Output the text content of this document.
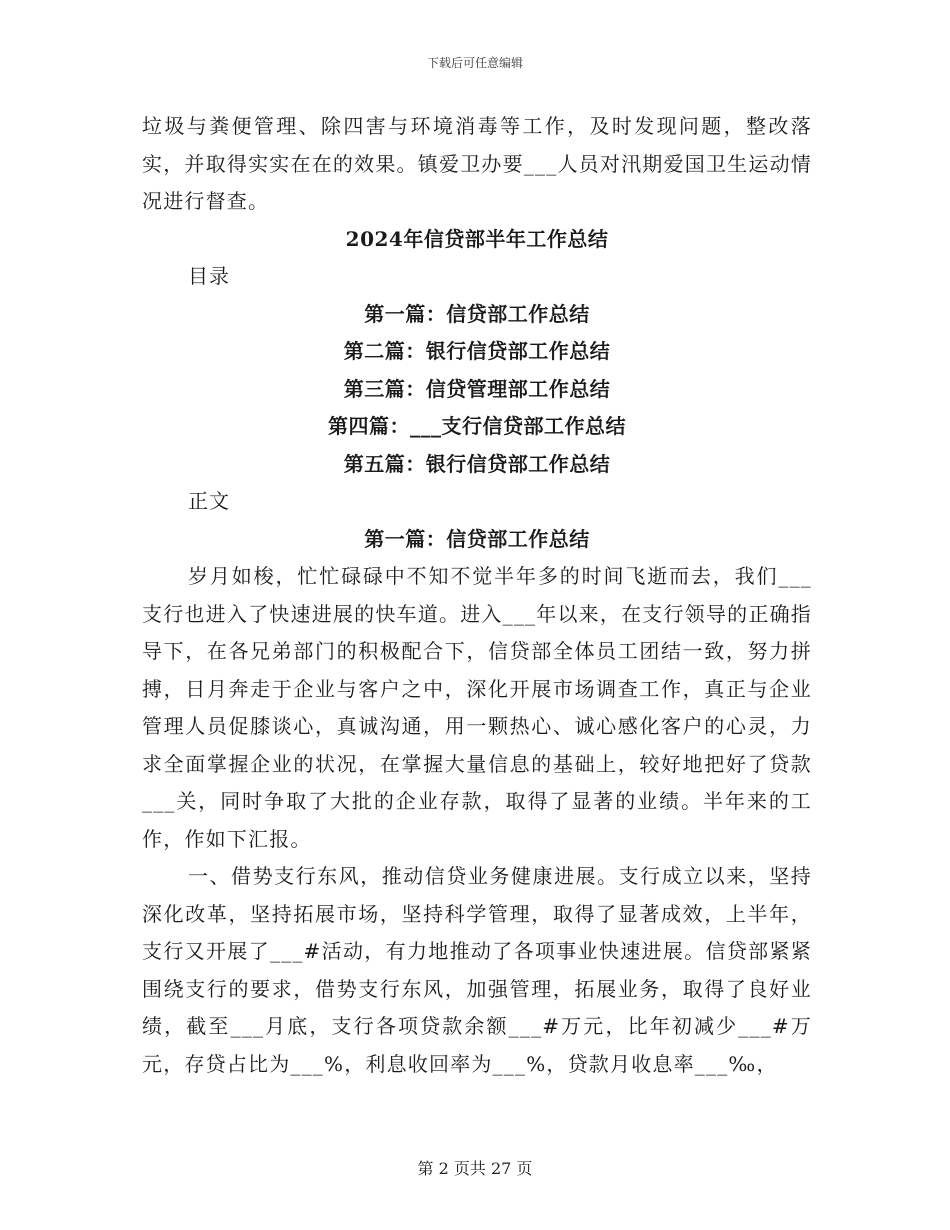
下载后可任意编辑

垃圾与粪便管理、除四害与环境消毒等工作，及时发现问题，整改落实，并取得实实在在的效果。镇爱卫办要___人员对汛期爱国卫生运动情况进行督查。

2024年信贷部半年工作总结

目录

第一篇：信贷部工作总结
第二篇：银行信贷部工作总结
第三篇：信贷管理部工作总结
第四篇：___支行信贷部工作总结
第五篇：银行信贷部工作总结

正文

第一篇：信贷部工作总结

岁月如梭，忙忙碌碌中不知不觉半年多的时间飞逝而去，我们___支行也进入了快速进展的快车道。进入___年以来，在支行领导的正确指导下，在各兄弟部门的积极配合下，信贷部全体员工团结一致，努力拼搏，日月奔走于企业与客户之中，深化开展市场调查工作，真正与企业管理人员促膝谈心，真诚沟通，用一颗热心、诚心感化客户的心灵，力求全面掌握企业的状况，在掌握大量信息的基础上，较好地把好了贷款___关，同时争取了大批的企业存款，取得了显著的业绩。半年来的工作，作如下汇报。

一、借势支行东风，推动信贷业务健康进展。支行成立以来，坚持深化改革，坚持拓展市场，坚持科学管理，取得了显著成效，上半年，支行又开展了___#活动，有力地推动了各项事业快速进展。信贷部紧紧围绕支行的要求，借势支行东风，加强管理，拓展业务，取得了良好业绩，截至___月底，支行各项贷款余额___#万元，比年初减少___#万元，存贷占比为___%，利息收回率为___%，贷款月收息率___‰，

第 2 页共 27 页
